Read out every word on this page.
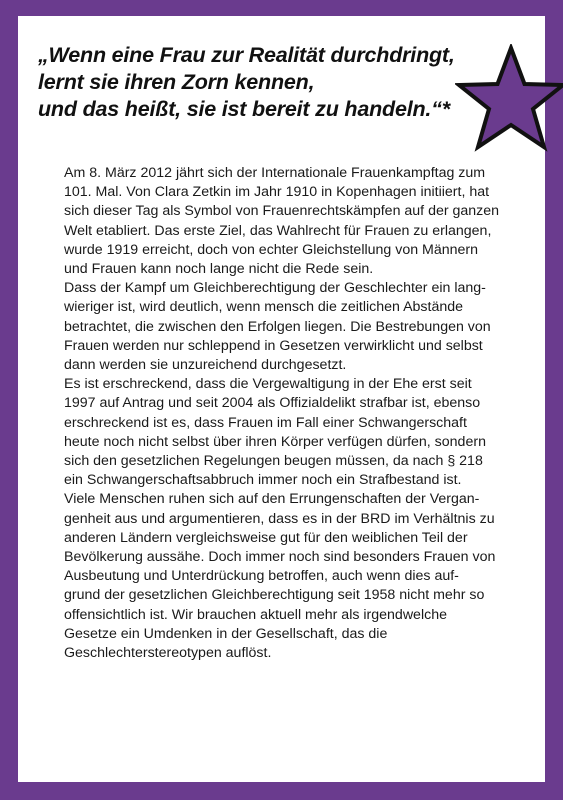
„Wenn eine Frau zur Realität durchdringt,
lernt sie ihren Zorn kennen,
und das heißt, sie ist bereit zu handeln.“*
Am 8. März 2012 jährt sich der Internationale Frauenkampftag zum
101. Mal. Von Clara Zetkin im Jahr 1910 in Kopenhagen initiiert, hat
sich dieser Tag als Symbol von Frauenrechtskämpfen auf der ganzen
Welt etabliert. Das erste Ziel, das Wahlrecht für Frauen zu erlangen,
wurde 1919 erreicht, doch von echter Gleichstellung von Männern
und Frauen kann noch lange nicht die Rede sein.
Dass der Kampf um Gleichberechtigung der Geschlechter ein lang-
wieriger ist, wird deutlich, wenn mensch die zeitlichen Abstände
betrachtet, die zwischen den Erfolgen liegen. Die Bestrebungen von
Frauen werden nur schleppend in Gesetzen verwirklicht und selbst
dann werden sie unzureichend durchgesetzt.
Es ist erschreckend, dass die Vergewaltigung in der Ehe erst seit
1997 auf Antrag und seit 2004 als Offizialdelikt strafbar ist, ebenso
erschreckend ist es, dass Frauen im Fall einer Schwangerschaft
heute noch nicht selbst über ihren Körper verfügen dürfen, sondern
sich den gesetzlichen Regelungen beugen müssen, da nach § 218
ein Schwangerschaftsabbruch immer noch ein Strafbestand ist.
Viele Menschen ruhen sich auf den Errungenschaften der Vergan-
genheit aus und argumentieren, dass es in der BRD im Verhältnis zu
anderen Ländern vergleichsweise gut für den weiblichen Teil der
Bevölkerung aussähe. Doch immer noch sind besonders Frauen von
Ausbeutung und Unterdrückung betroffen, auch wenn dies auf-
grund der gesetzlichen Gleichberechtigung seit 1958 nicht mehr so
offensichtlich ist. Wir brauchen aktuell mehr als irgendwelche
Gesetze ein Umdenken in der Gesellschaft, das die
Geschlechterstereotypen auflöst.
